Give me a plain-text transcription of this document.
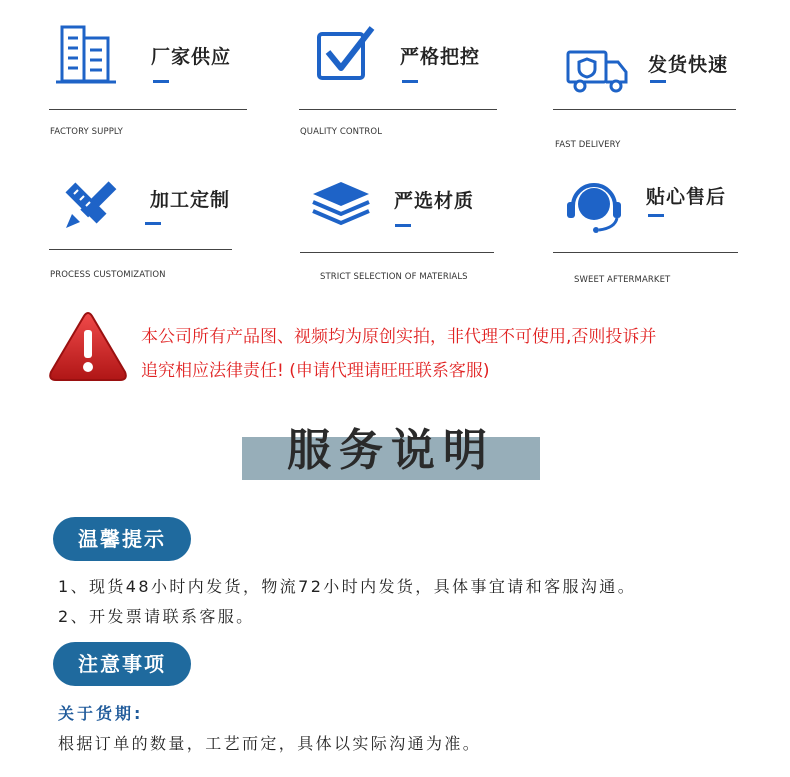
厂家供应
FACTORY SUPPLY
严格把控
QUALITY CONTROL
发货快速
FAST DELIVERY
加工定制
PROCESS CUSTOMIZATION
严选材质
STRICT SELECTION OF MATERIALS
贴心售后
SWEET AFTERMARKET
本公司所有产品图、视频均为原创实拍，非代理不可使用,否则投诉并
追究相应法律责任! (申请代理请旺旺联系客服)
服务说明
温馨提示
1、现货48小时内发货，物流72小时内发货，具体事宜请和客服沟通。
2、开发票请联系客服。
注意事项
关于货期:
根据订单的数量，工艺而定，具体以实际沟通为准。
